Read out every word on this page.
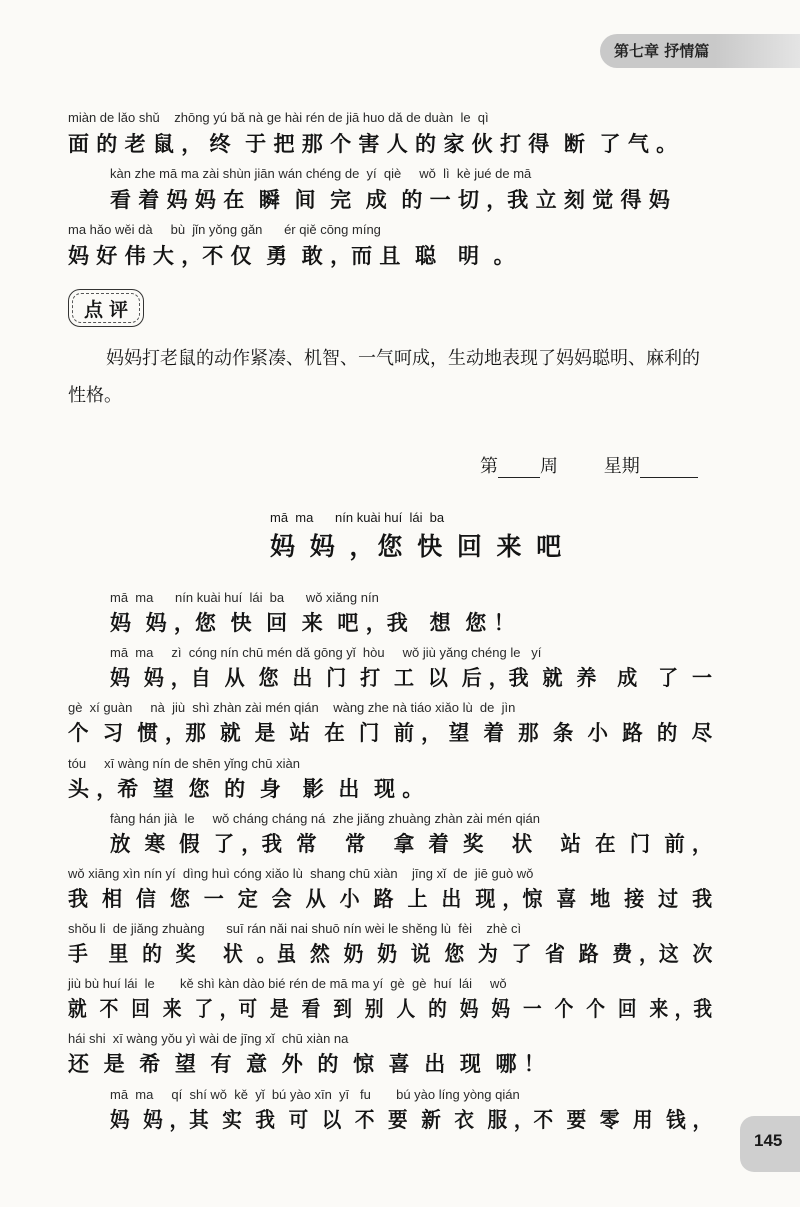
第七章 抒情篇
miàn de lǎo shǔ    zhōng yú bǎ nà ge hài rén de jiā huo dǎ de duàn  le  qì
面 的 老 鼠 ， 终  于 把 那 个 害 人 的 家 伙 打 得  断  了 气 。
kàn zhe mā ma zài shùn jiān wán chéng de  yí  qiè     wǒ  lì  kè jué de mā
看 着 妈 妈 在  瞬  间  完  成  的 一 切 ，我 立 刻 觉 得 妈
ma hǎo wěi dà     bù  jǐn yǒng gǎn      ér qiě cōng míng
妈 好 伟 大 ，不 仅  勇  敢 ，而 且  聪   明  。
点评
妈妈打老鼠的动作紧凑、机智、一气呵成，生动地表现了妈妈聪明、麻利的性格。
第 周	星期
mā  ma      nín kuài huí  lái  ba
妈 妈 ，您 快 回 来 吧
mā  ma      nín kuài huí  lái  ba      wǒ xiǎng nín
妈  妈 ，您  快  回  来  吧 ，我   想  您 ！
mā  ma     zì  cóng nín chū mén dǎ gōng yǐ  hòu     wǒ jiù yǎng chéng le   yí
妈  妈 ，自  从  您  出  门  打  工  以  后 ，我  就  养   成   了  一
gè  xí guàn     nà  jiù  shì zhàn zài mén qián    wàng zhe nà tiáo xiǎo lù  de  jìn
个  习  惯 ，那  就  是  站  在  门  前 ， 望  着  那  条  小  路  的  尽
tóu     xī wàng nín de shēn yǐng chū xiàn
头 ，希  望  您  的  身   影  出  现 。
fàng hán jià  le     wǒ cháng cháng ná  zhe jiǎng zhuàng zhàn zài mén qián
放  寒  假  了 ，我  常    常    拿  着  奖    状    站  在  门  前 ，
wǒ xiāng xìn nín yí  dìng huì cóng xiǎo lù  shang chū xiàn    jīng xǐ  de  jiē guò wǒ
我  相  信  您  一  定  会  从  小  路  上  出  现 ，惊  喜  地  接  过  我
shǒu li  de jiǎng zhuàng      suī rán nǎi nai shuō nín wèi le shěng lù  fèi    zhè cì
手   里  的  奖    状  。虽  然  奶  奶  说  您  为  了  省  路  费 ，这  次
jiù bù huí lái  le       kě shì kàn dào bié rén de mā ma yí  gè  gè  huí  lái     wǒ
就  不  回  来  了 ，可  是  看  到  别  人  的  妈  妈  一  个  个  回  来 ，我
hái shi  xī wàng yǒu yì wài de jīng xǐ  chū xiàn na
还  是  希  望  有  意  外  的  惊  喜  出  现  哪 ！
mā  ma     qí  shí wǒ  kě  yǐ  bú yào xīn  yī   fu       bú yào líng yòng qián
妈  妈 ，其  实  我  可  以  不  要  新  衣  服 ，不  要  零  用  钱 ，
145
